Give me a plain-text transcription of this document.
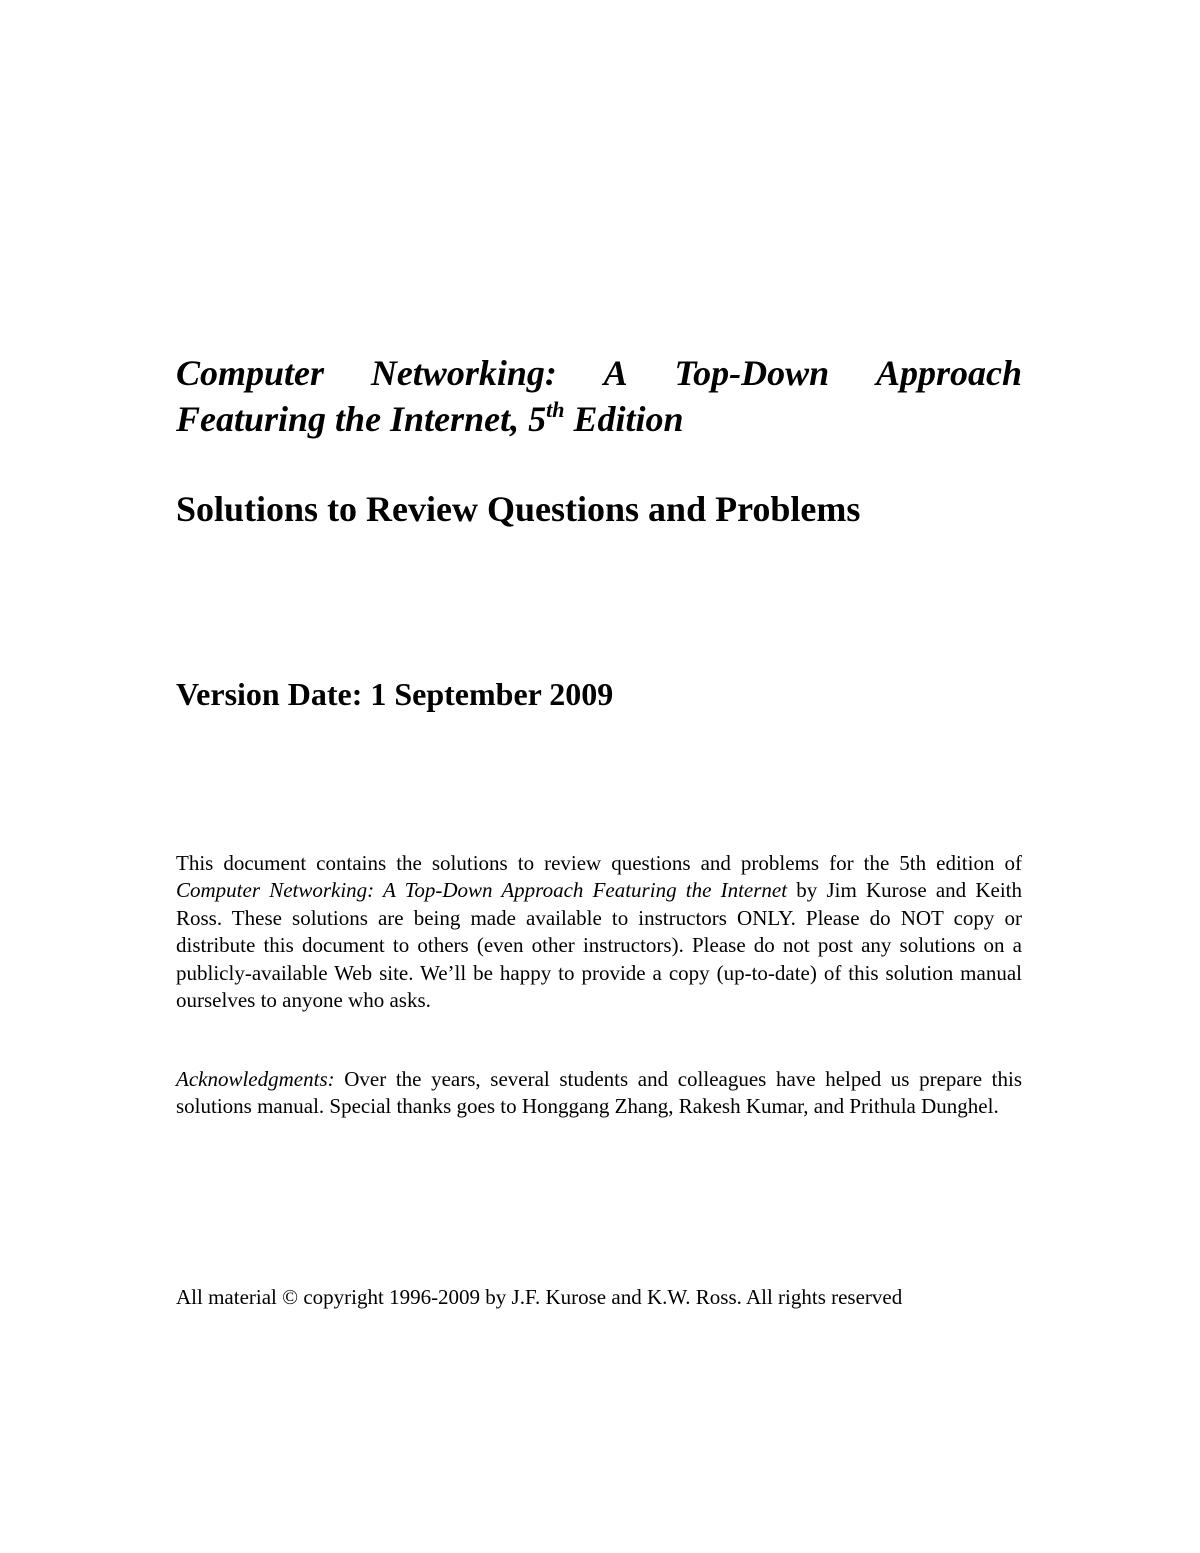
Computer Networking: A Top-Down Approach
Featuring the Internet, 5th Edition
Solutions to Review Questions and Problems
Version Date: 1 September 2009
This document contains the solutions to review questions and problems for the 5th edition of Computer Networking: A Top-Down Approach Featuring the Internet by Jim Kurose and Keith Ross. These solutions are being made available to instructors ONLY. Please do NOT copy or distribute this document to others (even other instructors). Please do not post any solutions on a publicly-available Web site. We’ll be happy to provide a copy (up-to-date) of this solution manual ourselves to anyone who asks.
Acknowledgments: Over the years, several students and colleagues have helped us prepare this solutions manual. Special thanks goes to Honggang Zhang, Rakesh Kumar, and Prithula Dunghel.
All material © copyright 1996-2009 by J.F. Kurose and K.W. Ross. All rights reserved
